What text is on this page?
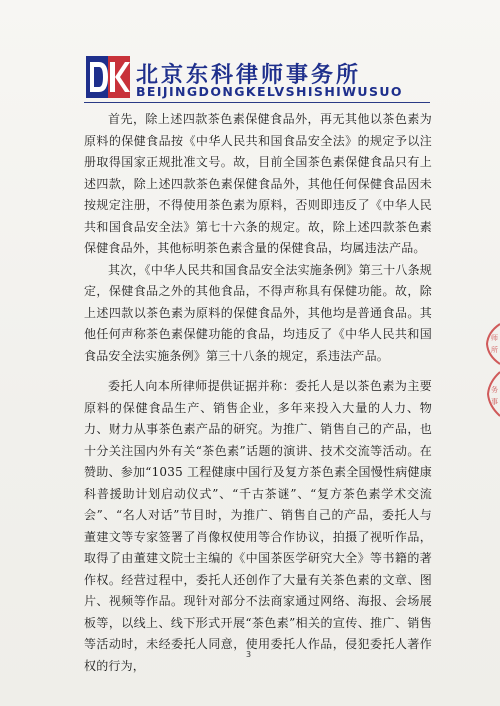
北京东科律师事务所
BEIJINGDONGKELVSHISHIWUSUO

首先，除上述四款茶色素保健食品外，再无其他以茶色素为原料的保健食品按《中华人民共和国食品安全法》的规定予以注册取得国家正规批准文号。故，目前全国茶色素保健食品只有上述四款，除上述四款茶色素保健食品外，其他任何保健食品因未按规定注册，不得使用茶色素为原料，否则即违反了《中华人民共和国食品安全法》第七十六条的规定。故，除上述四款茶色素保健食品外，其他标明茶色素含量的保健食品，均属违法产品。

其次，《中华人民共和国食品安全法实施条例》第三十八条规定，保健食品之外的其他食品，不得声称具有保健功能。故，除上述四款以茶色素为原料的保健食品外，其他均是普通食品。其他任何声称茶色素保健功能的食品，均违反了《中华人民共和国食品安全法实施条例》第三十八条的规定，系违法产品。

委托人向本所律师提供证据并称：委托人是以茶色素为主要原料的保健食品生产、销售企业，多年来投入大量的人力、物力、财力从事茶色素产品的研究。为推广、销售自己的产品，也十分关注国内外有关“茶色素”话题的演讲、技术交流等活动。在赞助、参加“1035 工程健康中国行及复方茶色素全国慢性病健康科普援助计划启动仪式”、“千古茶谜”、“复方茶色素学术交流会”、“名人对话”节目时，为推广、销售自己的产品，委托人与董建文等专家签署了肖像权使用等合作协议，拍摄了视听作品，取得了由董建文院士主编的《中国茶医学研究大全》等书籍的著作权。经营过程中，委托人还创作了大量有关茶色素的文章、图片、视频等作品。现针对部分不法商家通过网络、海报、会场展板等，以线上、线下形式开展“茶色素”相关的宣传、推广、销售等活动时，未经委托人同意，使用委托人作品，侵犯委托人著作权的行为，

3
师
所
务
事
